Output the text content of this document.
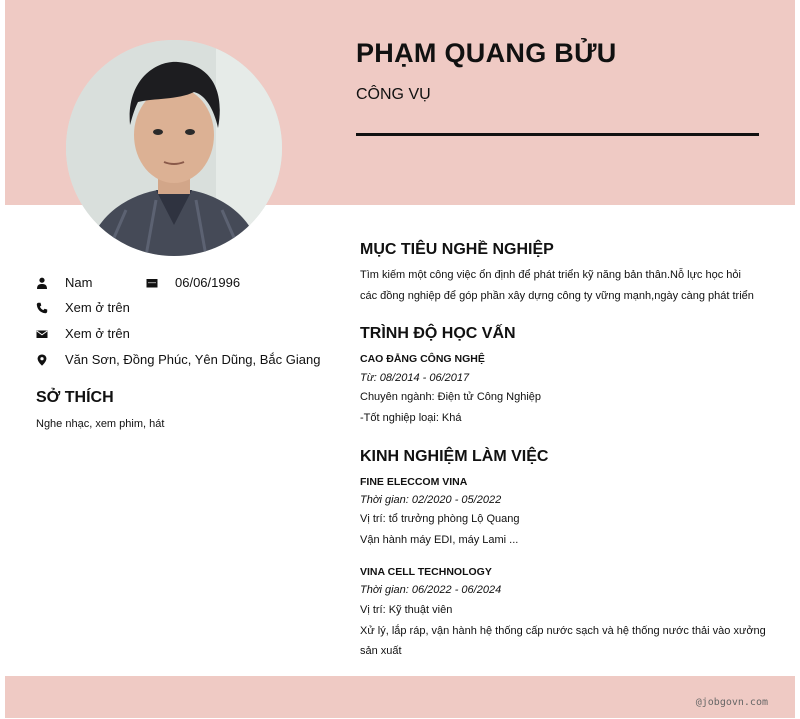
PHẠM QUANG BỬU
CÔNG VỤ
Nam	06/06/1996
Xem ở trên
Xem ở trên
Văn Sơn, Đồng Phúc, Yên Dũng, Bắc Giang
SỞ THÍCH
Nghe nhạc, xem phim, hát
MỤC TIÊU NGHỀ NGHIỆP
Tìm kiếm một công việc ổn định để phát triển kỹ năng bản thân.Nỗ lực học hỏi
các đồng nghiệp để góp phần xây dựng công ty vững mạnh,ngày càng phát triển
TRÌNH ĐỘ HỌC VẤN
CAO ĐẲNG CÔNG NGHỆ
Từ: 08/2014 - 06/2017
Chuyên ngành: Điện tử Công Nghiệp
-Tốt nghiệp loại: Khá
KINH NGHIỆM LÀM VIỆC
FINE ELECCOM VINA
Thời gian: 02/2020 - 05/2022
Vị trí: tổ trưởng phòng Lộ Quang
Vận hành máy EDI, máy Lami ...
VINA CELL TECHNOLOGY
Thời gian: 06/2022 - 06/2024
Vị trí: Kỹ thuật viên
Xử lý, lắp ráp, vận hành hệ thống cấp nước sạch và hệ thống nước thải vào xưởng
sản xuất
@jobgovn.com
